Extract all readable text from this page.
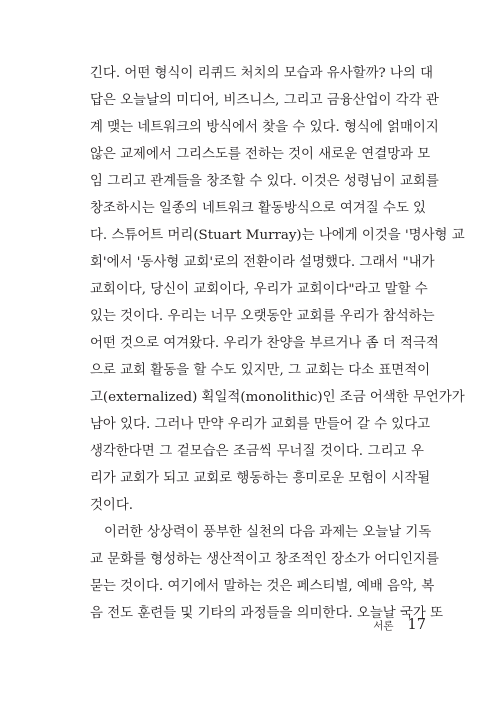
긴다. 어떤 형식이 리퀴드 처치의 모습과 유사할까? 나의 대
답은 오늘날의 미디어, 비즈니스, 그리고 금융산업이 각각 관
계 맺는 네트워크의 방식에서 찾을 수 있다. 형식에 얽매이지
않은 교제에서 그리스도를 전하는 것이 새로운 연결망과 모
임 그리고 관계들을 창조할 수 있다. 이것은 성령님이 교회를
창조하시는 일종의 네트워크 활동방식으로 여겨질 수도 있
다. 스튜어트 머리(Stuart Murray)는 나에게 이것을 '명사형 교
회'에서 '동사형 교회'로의 전환이라 설명했다. 그래서 "내가
교회이다, 당신이 교회이다, 우리가 교회이다"라고 말할 수
있는 것이다. 우리는 너무 오랫동안 교회를 우리가 참석하는
어떤 것으로 여겨왔다. 우리가 찬양을 부르거나 좀 더 적극적
으로 교회 활동을 할 수도 있지만, 그 교회는 다소 표면적이
고(externalized) 획일적(monolithic)인 조금 어색한 무언가가
남아 있다. 그러나 만약 우리가 교회를 만들어 갈 수 있다고
생각한다면 그 겉모습은 조금씩 무너질 것이다. 그리고 우
리가 교회가 되고 교회로 행동하는 흥미로운 모험이 시작될
것이다.
이러한 상상력이 풍부한 실천의 다음 과제는 오늘날 기독
교 문화를 형성하는 생산적이고 창조적인 장소가 어디인지를
묻는 것이다. 여기에서 말하는 것은 페스티벌, 예배 음악, 복
음 전도 훈련들 및 기타의 과정들을 의미한다. 오늘날 국가 또
서론 17
